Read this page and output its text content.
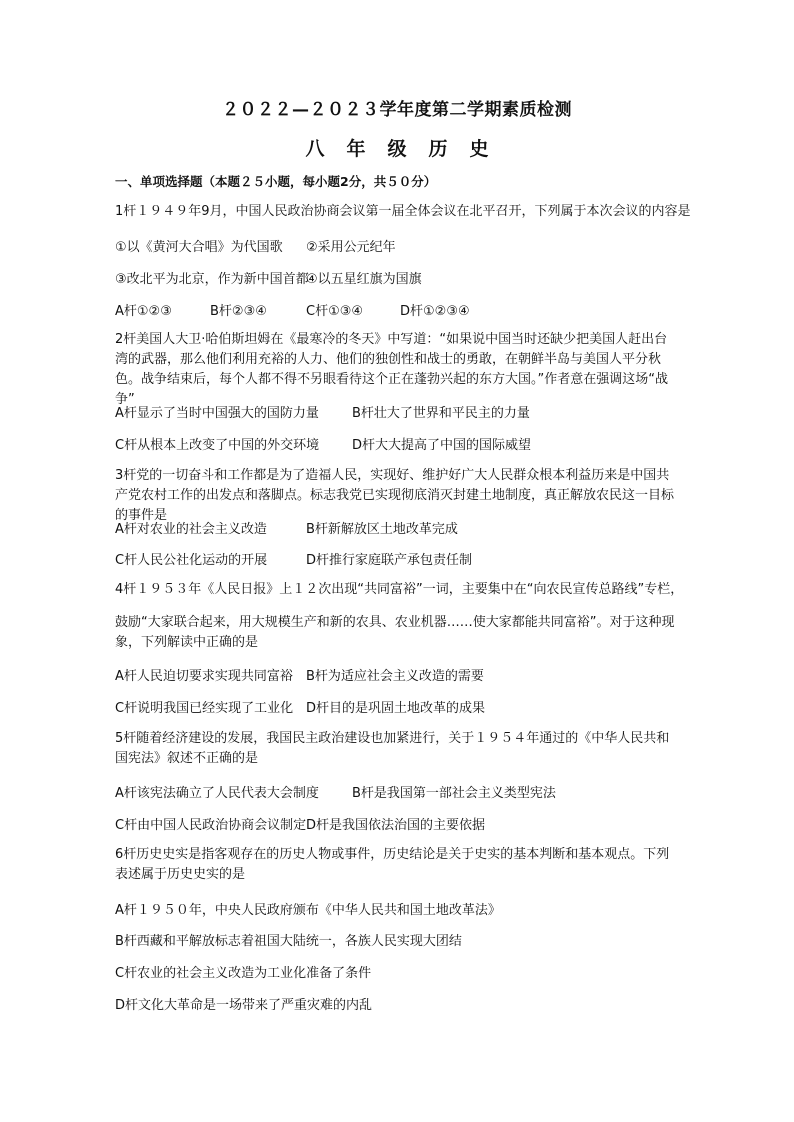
２０２２—２０２３学年度第二学期素质检测
八年级历史
一、单项选择题（本题２５小题，每小题2分，共５０分）
1杆１９４９年9月，中国人民政治协商会议第一届全体会议在北平召开，下列属于本次会议的内容是
①以《黄河大合唱》为代国歌 ②采用公元纪年
③改北平为北京，作为新中国首都
④以五星红旗为国旗
A杆①②③	B杆②③④	C杆①③④	D杆①②③④
2杆美国人大卫·哈伯斯坦姆在《最寒冷的冬天》中写道：“如果说中国当时还缺少把美国人赶出台湾的武器，那么他们利用充裕的人力、他们的独创性和战士的勇敢，在朝鲜半岛与美国人平分秋色。战争结束后，每个人都不得不另眼看待这个正在蓬勃兴起的东方大国。”作者意在强调这场“战争”
A杆显示了当时中国强大的国防力量	B杆壮大了世界和平民主的力量
C杆从根本上改变了中国的外交环境	D杆大大提高了中国的国际威望
3杆党的一切奋斗和工作都是为了造福人民，实现好、维护好广大人民群众根本利益历来是中国共产党农村工作的出发点和落脚点。标志我党已实现彻底消灭封建土地制度，真正解放农民这一目标的事件是
A杆对农业的社会主义改造	B杆新解放区土地改革完成
C杆人民公社化运动的开展	D杆推行家庭联产承包责任制
4杆１９５３年《人民日报》上１２次出现“共同富裕”一词，主要集中在“向农民宣传总路线”专栏，
鼓励“大家联合起来，用大规模生产和新的农具、农业机器……使大家都能共同富裕”。对于这种现象，下列解读中正确的是
A杆人民迫切要求实现共同富裕 B杆为适应社会主义改造的需要
C杆说明我国已经实现了工业化 D杆目的是巩固土地改革的成果
5杆随着经济建设的发展，我国民主政治建设也加紧进行，关于１９５４年通过的《中华人民共和国宪法》叙述不正确的是
A杆该宪法确立了人民代表大会制度	B杆是我国第一部社会主义类型宪法
C杆由中国人民政治协商会议制定 D杆是我国依法治国的主要依据
6杆历史史实是指客观存在的历史人物或事件，历史结论是关于史实的基本判断和基本观点。下列表述属于历史史实的是
A杆１９５０年，中央人民政府颁布《中华人民共和国土地改革法》
B杆西藏和平解放标志着祖国大陆统一，各族人民实现大团结
C杆农业的社会主义改造为工业化准备了条件
D杆文化大革命是一场带来了严重灾难的内乱
